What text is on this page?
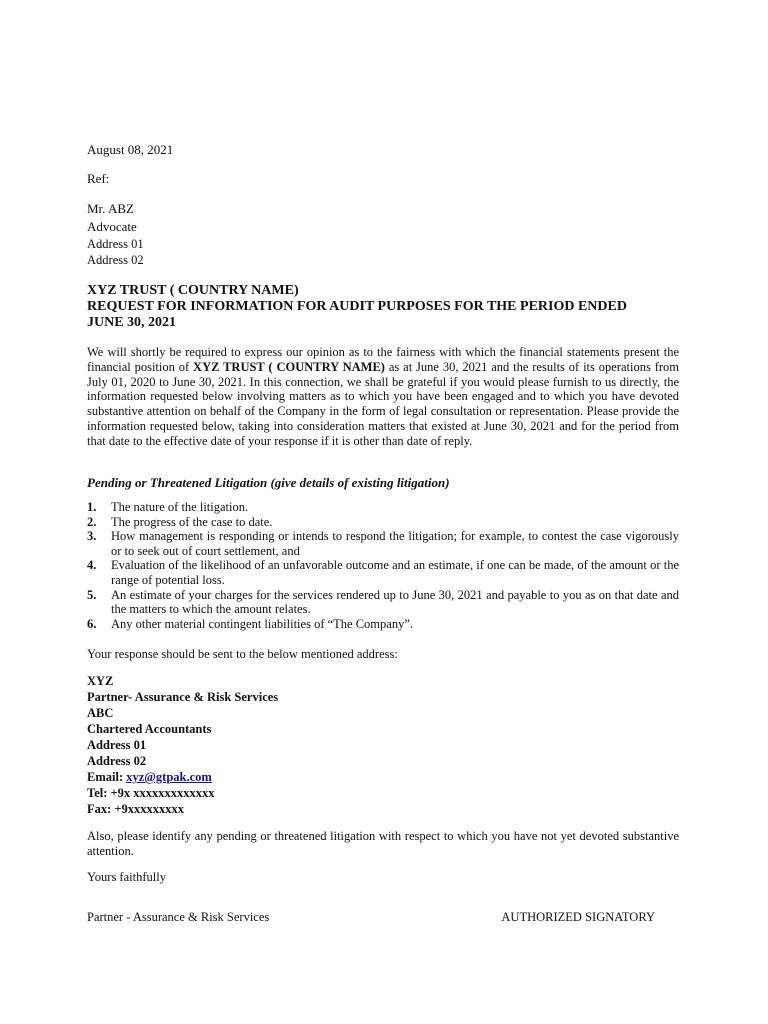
August 08, 2021
Ref:
Mr. ABZ
Advocate
Address 01
Address 02
XYZ TRUST ( COUNTRY NAME)
REQUEST FOR INFORMATION FOR AUDIT PURPOSES FOR THE PERIOD ENDED
JUNE 30, 2021
We will shortly be required to express our opinion as to the fairness with which the financial statements present the financial position of XYZ TRUST ( COUNTRY NAME) as at June 30, 2021 and the results of its operations from July 01, 2020 to June 30, 2021. In this connection, we shall be grateful if you would please furnish to us directly, the information requested below involving matters as to which you have been engaged and to which you have devoted substantive attention on behalf of the Company in the form of legal consultation or representation. Please provide the information requested below, taking into consideration matters that existed at June 30, 2021 and for the period from that date to the effective date of your response if it is other than date of reply.
Pending or Threatened Litigation (give details of existing litigation)
1. The nature of the litigation.
2. The progress of the case to date.
3. How management is responding or intends to respond the litigation; for example, to contest the case vigorously or to seek out of court settlement, and
4. Evaluation of the likelihood of an unfavorable outcome and an estimate, if one can be made, of the amount or the range of potential loss.
5. An estimate of your charges for the services rendered up to June 30, 2021 and payable to you as on that date and the matters to which the amount relates.
6. Any other material contingent liabilities of “The Company”.
Your response should be sent to the below mentioned address:
XYZ
Partner- Assurance & Risk Services
ABC
Chartered Accountants
Address 01
Address 02
Email: xyz@gtpak.com
Tel: +9x xxxxxxxxxxxxx
Fax: +9xxxxxxxxx
Also, please identify any pending or threatened litigation with respect to which you have not yet devoted substantive attention.
Yours faithfully
Partner - Assurance & Risk Services	AUTHORIZED SIGNATORY
